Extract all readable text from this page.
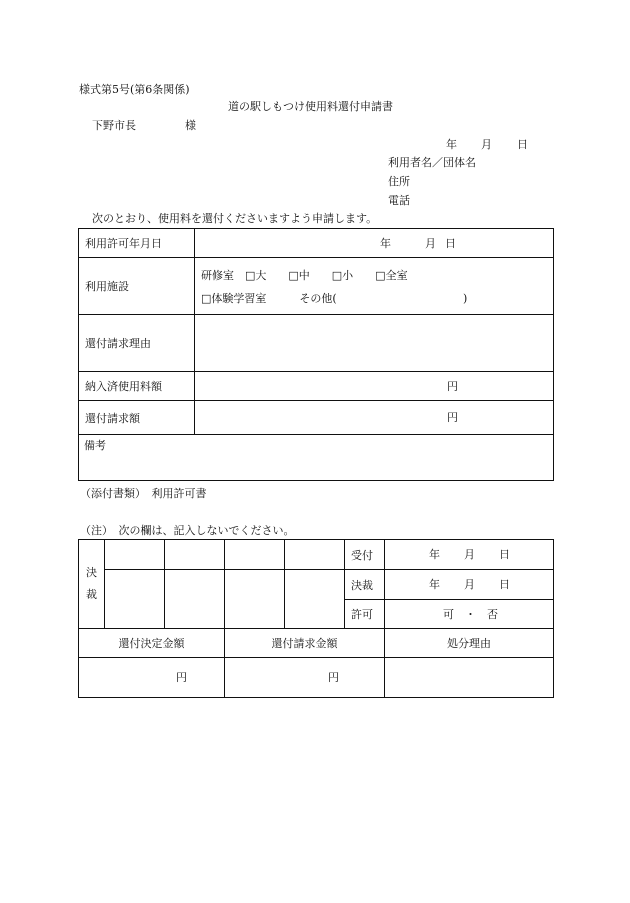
様式第5号(第6条関係)
道の駅しもつけ使用料還付申請書
下野市長	様
年 月 日
利用者名／団体名
住所
電話
次のとおり、使用料を還付くださいますよう申請します。
利用許可年月日	年 月 日

利用施設	研修室　□大　　□中　　□小　　□全室
□体験学習室　　　その他( )

還付請求理由	
納入済使用料額	円

還付請求額	円

備考	
（添付書類）　利用許可書
（注）　次の欄は、記入しないでください。
決
裁					受付	年 月 日

					決裁	年 月 日

					許可	可　・　否

還付決定金額			還付請求金額			処分理由

円			円			
